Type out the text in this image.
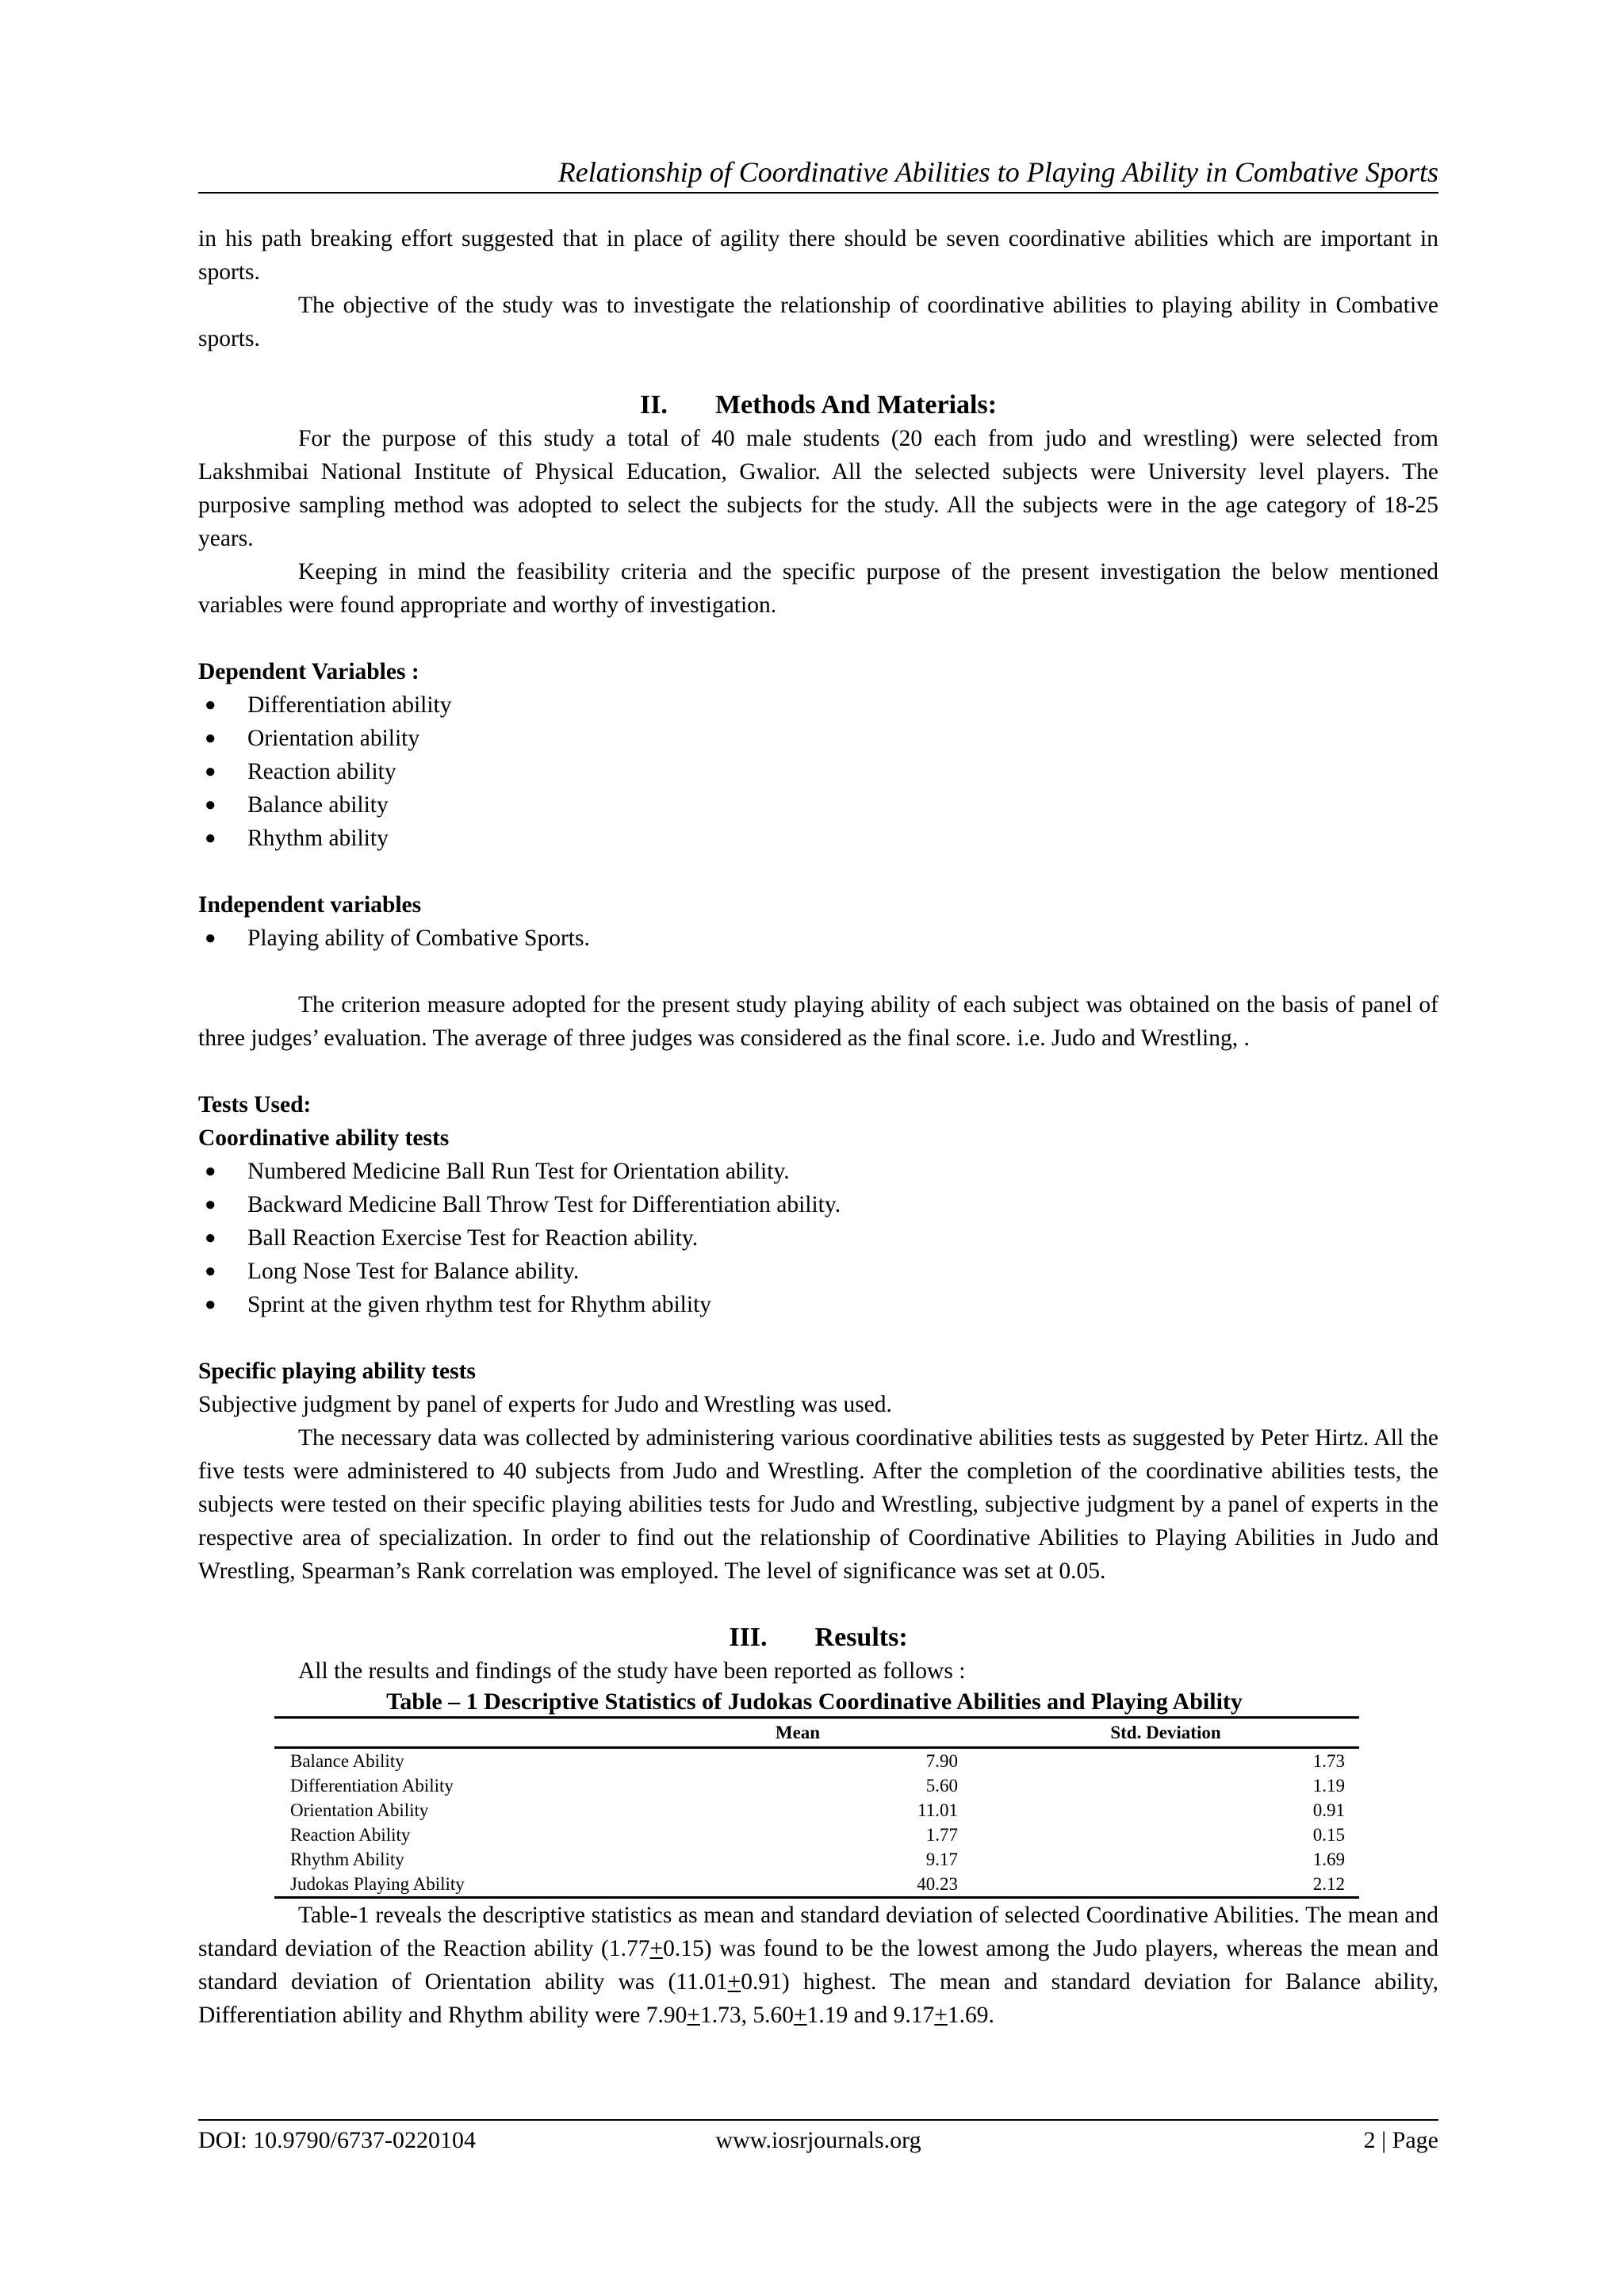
Relationship of Coordinative Abilities to Playing Ability in Combative Sports

in his path breaking effort suggested that in place of agility there should be seven coordinative abilities which are important in sports.

The objective of the study was to investigate the relationship of coordinative abilities to playing ability in Combative sports.

II. Methods And Materials:

For the purpose of this study a total of 40 male students (20 each from judo and wrestling) were selected from Lakshmibai National Institute of Physical Education, Gwalior. All the selected subjects were University level players. The purposive sampling method was adopted to select the subjects for the study. All the subjects were in the age category of 18-25 years.

Keeping in mind the feasibility criteria and the specific purpose of the present investigation the below mentioned variables were found appropriate and worthy of investigation.

Dependent Variables :

● Differentiation ability
● Orientation ability
● Reaction ability
● Balance ability
● Rhythm ability

Independent variables

● Playing ability of Combative Sports.

The criterion measure adopted for the present study playing ability of each subject was obtained on the basis of panel of three judges’ evaluation. The average of three judges was considered as the final score. i.e. Judo and Wrestling, .

Tests Used:

Coordinative ability tests

● Numbered Medicine Ball Run Test for Orientation ability.
● Backward Medicine Ball Throw Test for Differentiation ability.
● Ball Reaction Exercise Test for Reaction ability.
● Long Nose Test for Balance ability.
● Sprint at the given rhythm test for Rhythm ability

Specific playing ability tests

Subjective judgment by panel of experts for Judo and Wrestling was used.

The necessary data was collected by administering various coordinative abilities tests as suggested by Peter Hirtz. All the five tests were administered to 40 subjects from Judo and Wrestling. After the completion of the coordinative abilities tests, the subjects were tested on their specific playing abilities tests for Judo and Wrestling, subjective judgment by a panel of experts in the respective area of specialization. In order to find out the relationship of Coordinative Abilities to Playing Abilities in Judo and Wrestling, Spearman’s Rank correlation was employed. The level of significance was set at 0.05.

III. Results:

All the results and findings of the study have been reported as follows :

Table – 1 Descriptive Statistics of Judokas Coordinative Abilities and Playing Ability
	Mean	Std. Deviation
Balance Ability	7.90	1.73
Differentiation Ability	5.60	1.19
Orientation Ability	11.01	0.91
Reaction Ability	1.77	0.15
Rhythm Ability	9.17	1.69
Judokas Playing Ability	40.23	2.12

Table-1 reveals the descriptive statistics as mean and standard deviation of selected Coordinative Abilities. The mean and standard deviation of the Reaction ability (1.77+0.15) was found to be the lowest among the Judo players, whereas the mean and standard deviation of Orientation ability was (11.01+0.91) highest. The mean and standard deviation for Balance ability, Differentiation ability and Rhythm ability were 7.90+1.73, 5.60+1.19 and 9.17+1.69.

DOI: 10.9790/6737-0220104	www.iosrjournals.org	2 | Page
